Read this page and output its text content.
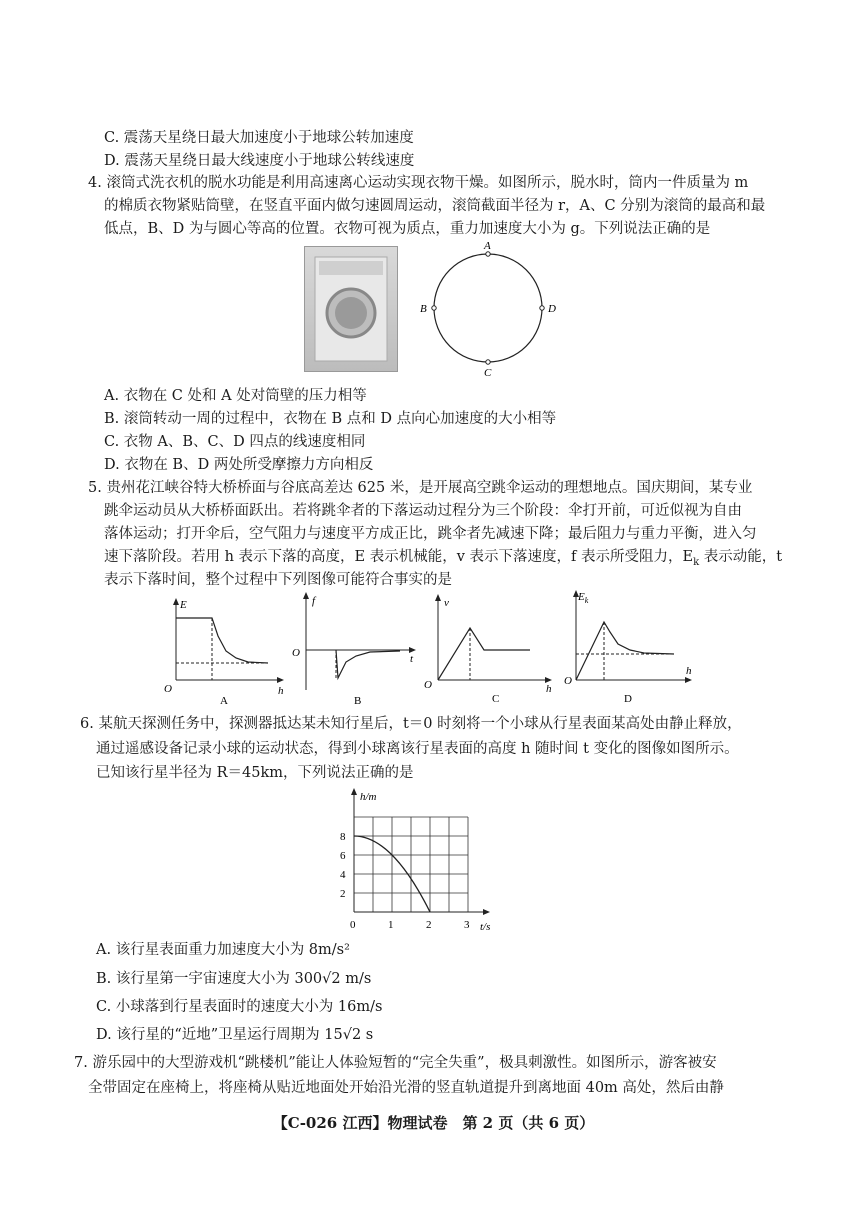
C. 震荡天星绕日最大加速度小于地球公转加速度
D. 震荡天星绕日最大线速度小于地球公转线速度
4. 滚筒式洗衣机的脱水功能是利用高速离心运动实现衣物干燥。如图所示，脱水时，筒内一件质量为 m
的棉质衣物紧贴筒壁，在竖直平面内做匀速圆周运动，滚筒截面半径为 r，A、C 分别为滚筒的最高和最
低点，B、D 为与圆心等高的位置。衣物可视为质点，重力加速度大小为 g。下列说法正确的是
A
B	D
C
A. 衣物在 C 处和 A 处对筒壁的压力相等
B. 滚筒转动一周的过程中，衣物在 B 点和 D 点向心加速度的大小相等
C. 衣物 A、B、C、D 四点的线速度相同
D. 衣物在 B、D 两处所受摩擦力方向相反
5. 贵州花江峡谷特大桥桥面与谷底高差达 625 米，是开展高空跳伞运动的理想地点。国庆期间，某专业
跳伞运动员从大桥桥面跃出。若将跳伞者的下落运动过程分为三个阶段：伞打开前，可近似视为自由
落体运动；打开伞后，空气阻力与速度平方成正比，跳伞者先减速下降；最后阻力与重力平衡，进入匀
速下落阶段。若用 h 表示下落的高度，E 表示机械能，v 表示下落速度，f 表示所受阻力，$E_k$ 表示动能，t
表示下落时间，整个过程中下列图像可能符合事实的是
E
h
O
A
f
t
O
B
v
h
O
C
$E_k$
h
O
D
6. 某航天探测任务中，探测器抵达某未知行星后，t＝0 时刻将一个小球从行星表面某高处由静止释放，
通过遥感设备记录小球的运动状态，得到小球离该行星表面的高度 h 随时间 t 变化的图像如图所示。
已知该行星半径为 R＝45km，下列说法正确的是
h/m
t/s
8
6
4
2
0	1	2	3
A. 该行星表面重力加速度大小为 8m/s²
B. 该行星第一宇宙速度大小为 300√2 m/s
C. 小球落到行星表面时的速度大小为 16m/s
D. 该行星的“近地”卫星运行周期为 15√2 s
7. 游乐园中的大型游戏机“跳楼机”能让人体验短暂的“完全失重”，极具刺激性。如图所示，游客被安
全带固定在座椅上，将座椅从贴近地面处开始沿光滑的竖直轨道提升到离地面 40m 高处，然后由静
【C-026 江西】物理试卷　第 2 页（共 6 页）
